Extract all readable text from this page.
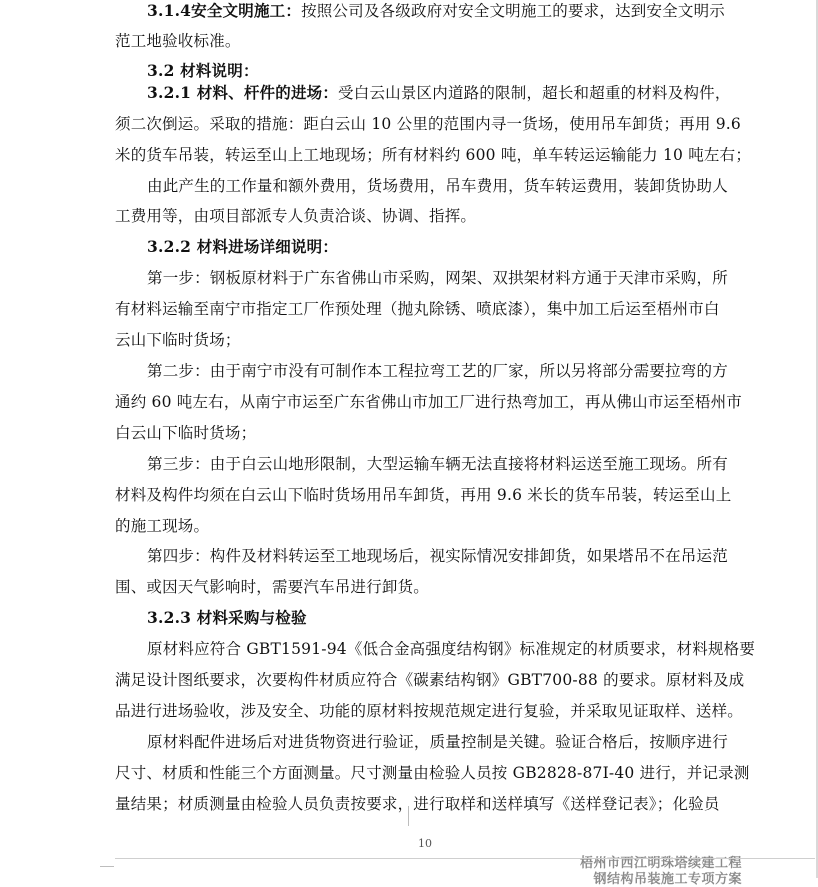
3.1.4安全文明施工：按照公司及各级政府对安全文明施工的要求，达到安全文明示
范工地验收标准。
3.2 材料说明：
3.2.1 材料、杆件的进场：受白云山景区内道路的限制，超长和超重的材料及构件，
须二次倒运。采取的措施：距白云山 10 公里的范围内寻一货场，使用吊车卸货；再用 9.6
米的货车吊装，转运至山上工地现场；所有材料约 600 吨，单车转运运输能力 10 吨左右；
由此产生的工作量和额外费用，货场费用，吊车费用，货车转运费用，装卸货协助人
工费用等，由项目部派专人负责洽谈、协调、指挥。
3.2.2 材料进场详细说明：
第一步：钢板原材料于广东省佛山市采购，网架、双拱架材料方通于天津市采购，所
有材料运输至南宁市指定工厂作预处理（抛丸除锈、喷底漆），集中加工后运至梧州市白
云山下临时货场；
第二步：由于南宁市没有可制作本工程拉弯工艺的厂家，所以另将部分需要拉弯的方
通约 60 吨左右，从南宁市运至广东省佛山市加工厂进行热弯加工，再从佛山市运至梧州市
白云山下临时货场；
第三步：由于白云山地形限制，大型运输车辆无法直接将材料运送至施工现场。所有
材料及构件均须在白云山下临时货场用吊车卸货，再用 9.6 米长的货车吊装，转运至山上
的施工现场。
第四步：构件及材料转运至工地现场后，视实际情况安排卸货，如果塔吊不在吊运范
围、或因天气影响时，需要汽车吊进行卸货。
3.2.3 材料采购与检验
原材料应符合 GBT1591-94《低合金高强度结构钢》标准规定的材质要求，材料规格要
满足设计图纸要求，次要构件材质应符合《碳素结构钢》GBT700-88 的要求。原材料及成
品进行进场验收，涉及安全、功能的原材料按规范规定进行复验，并采取见证取样、送样。
原材料配件进场后对进货物资进行验证，质量控制是关键。验证合格后，按顺序进行
尺寸、材质和性能三个方面测量。尺寸测量由检验人员按 GB2828-87Ⅰ-40 进行，并记录测
量结果；材质测量由检验人员负责按要求，进行取样和送样填写《送样登记表》；化验员
10
梧州市西江明珠塔续建工程
钢结构吊装施工专项方案
